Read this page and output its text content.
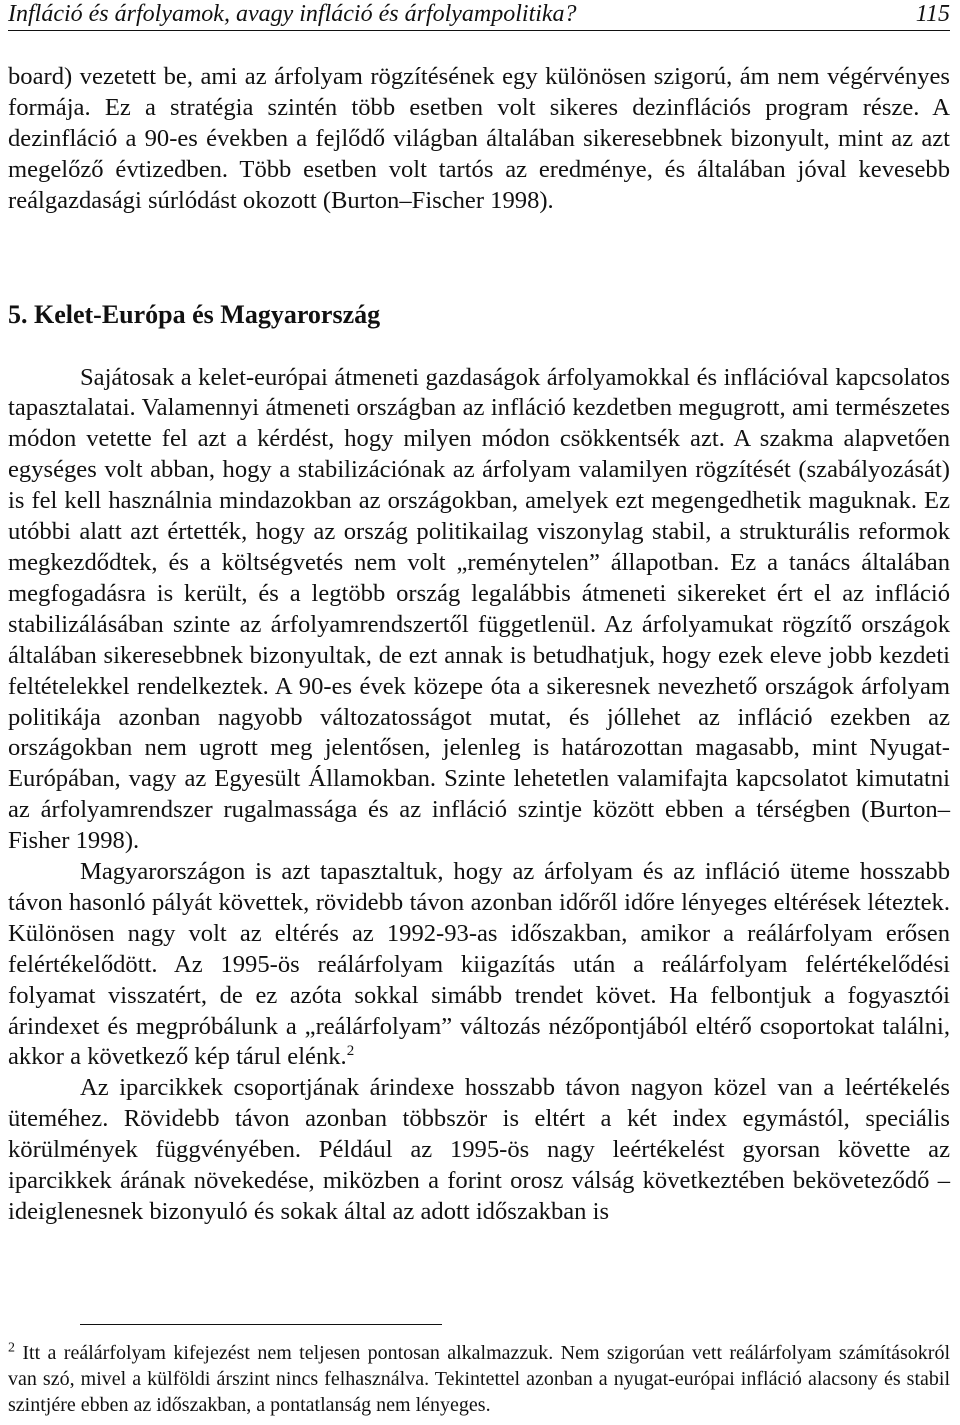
Infláció és árfolyamok, avagy infláció és árfolyampolitika?	115

board) vezetett be, ami az árfolyam rögzítésének egy különösen szigorú, ám nem végérvényes formája. Ez a stratégia szintén több esetben volt sikeres dezinflációs program része. A dezinfláció a 90-es években a fejlődő világban általában sikeresebbnek bizonyult, mint az azt megelőző évtizedben. Több esetben volt tartós az eredménye, és általában jóval kevesebb reálgazdasági súrlódást okozott (Burton–Fischer 1998).

5. Kelet-Európa és Magyarország

Sajátosak a kelet-európai átmeneti gazdaságok árfolyamokkal és inflációval kapcsolatos tapasztalatai. Valamennyi átmeneti országban az infláció kezdetben megugrott, ami természetes módon vetette fel azt a kérdést, hogy milyen módon csökkentsék azt. A szakma alapvetően egységes volt abban, hogy a stabilizációnak az árfolyam valamilyen rögzítését (szabályozását) is fel kell használnia mindazokban az országokban, amelyek ezt megengedhetik maguknak. Ez utóbbi alatt azt értették, hogy az ország politikailag viszonylag stabil, a strukturális reformok megkezdődtek, és a költségvetés nem volt „reménytelen” állapotban. Ez a tanács általában megfogadásra is került, és a legtöbb ország legalábbis átmeneti sikereket ért el az infláció stabilizálásában szinte az árfolyamrendszertől függetlenül. Az árfolyamukat rögzítő országok általában sikeresebbnek bizonyultak, de ezt annak is betudhatjuk, hogy ezek eleve jobb kezdeti feltételekkel rendelkeztek. A 90-es évek közepe óta a sikeresnek nevezhető országok árfolyam politikája azonban nagyobb változatosságot mutat, és jóllehet az infláció ezekben az országokban nem ugrott meg jelentősen, jelenleg is határozottan magasabb, mint Nyugat-Európában, vagy az Egyesült Államokban. Szinte lehetetlen valamifajta kapcsolatot kimutatni az árfolyamrendszer rugalmassága és az infláció szintje között ebben a térségben (Burton–Fisher 1998).

Magyarországon is azt tapasztaltuk, hogy az árfolyam és az infláció üteme hosszabb távon hasonló pályát követtek, rövidebb távon azonban időről időre lényeges eltérések léteztek. Különösen nagy volt az eltérés az 1992-93-as időszakban, amikor a reálárfolyam erősen felértékelődött. Az 1995-ös reálárfolyam kiigazítás után a reálárfolyam felértékelődési folyamat visszatért, de ez azóta sokkal simább trendet követ. Ha felbontjuk a fogyasztói árindexet és megpróbálunk a „reálárfolyam” változás nézőpontjából eltérő csoportokat találni, akkor a következő kép tárul elénk.$^2$

Az iparcikkek csoportjának árindexe hosszabb távon nagyon közel van a leértékelés üteméhez. Rövidebb távon azonban többször is eltért a két index egymástól, speciális körülmények függvényében. Például az 1995-ös nagy leértékelést gyorsan követte az iparcikkek árának növekedése, miközben a forint orosz válság következtében beköveteződő – ideiglenesnek bizonyuló és sokak által az adott időszakban is

$^2$ Itt a reálárfolyam kifejezést nem teljesen pontosan alkalmazzuk. Nem szigorúan vett reálárfolyam számításokról van szó, mivel a külföldi árszint nincs felhasználva. Tekintettel azonban a nyugat-európai infláció alacsony és stabil szintjére ebben az időszakban, a pontatlanság nem lényeges.
